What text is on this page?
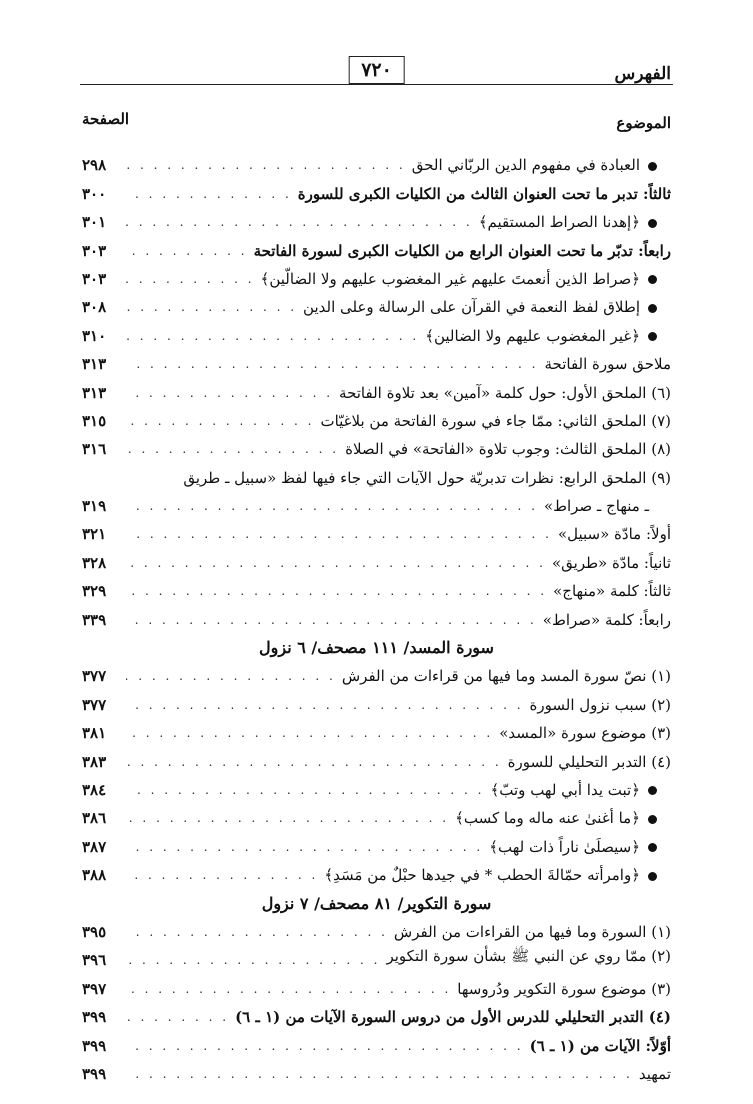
الفهرس
٧٢٠
الموضوع
الصفحة
العبادة في مفهوم الدين الربّاني الحق
. . .
٢٩٨
ثالثاً: تدبر ما تحت العنوان الثالث من الكليات الكبرى للسورة
. . .
٣٠٠
﴿إهدنا الصراط المستقيم﴾
. . .
٣٠١
رابعاً: تدبّر ما تحت العنوان الرابع من الكليات الكبرى لسورة الفاتحة
. . .
٣٠٣
﴿صراط الذين أنعمتَ عليهم غير المغضوب عليهم ولا الضالّين﴾
. . .
٣٠٣
إطلاق لفظ النعمة في القرآن على الرسالة وعلى الدين
. . .
٣٠٨
﴿غير المغضوب عليهم ولا الضالين﴾
. . .
٣١٠
ملاحق سورة الفاتحة
. . .
٣١٣
(٦) الملحق الأول: حول كلمة «آمين» بعد تلاوة الفاتحة
. . .
٣١٣
(٧) الملحق الثاني: ممّا جاء في سورة الفاتحة من بلاغيّات
. . .
٣١٥
(٨) الملحق الثالث: وجوب تلاوة «الفاتحة» في الصلاة
. . .
٣١٦
(٩) الملحق الرابع: نظرات تدبريّة حول الآيات التي جاء فيها لفظ «سبيل ـ طريق
ـ منهاج ـ صراط»
. . .
٣١٩
أولاً: مادّة «سبيل»
. . .
٣٢١
ثانياً: مادّة «طريق»
. . .
٣٢٨
ثالثاً: كلمة «منهاج»
. . .
٣٢٩
رابعاً: كلمة «صراط»
. . .
٣٣٩
سورة المسد/ ١١١ مصحف/ ٦ نزول
(١) نصّ سورة المسد وما فيها من قراءات من الفرش
. . .
٣٧٧
(٢) سبب نزول السورة
. . .
٣٧٧
(٣) موضوع سورة «المسد»
. . .
٣٨١
(٤) التدبر التحليلي للسورة
. . .
٣٨٣
﴿تبت يدا أبي لهب وتبّ﴾
. . .
٣٨٤
﴿ما أغنىٰ عنه ماله وما كسب﴾
. . .
٣٨٦
﴿سيصلَىٰ ناراً ذات لهب﴾
. . .
٣٨٧
﴿وامرأته حمّالةَ الحطب * في جيدها حبْلٌ من مَسَدِ﴾
. . .
٣٨٨
سورة التكوير/ ٨١ مصحف/ ٧ نزول
(١) السورة وما فيها من القراءات من الفرش
. . .
٣٩٥
(٢) ممّا روي عن النبي ﷺ بشأن سورة التكوير
. . .
٣٩٦
(٣) موضوع سورة التكوير ودُروسها
. . .
٣٩٧
(٤) التدبر التحليلي للدرس الأول من دروس السورة الآيات من (١ ـ ٦)
. . .
٣٩٩
أوّلاً: الآيات من (١ ـ ٦)
. . .
٣٩٩
تمهيد
. . .
٣٩٩
